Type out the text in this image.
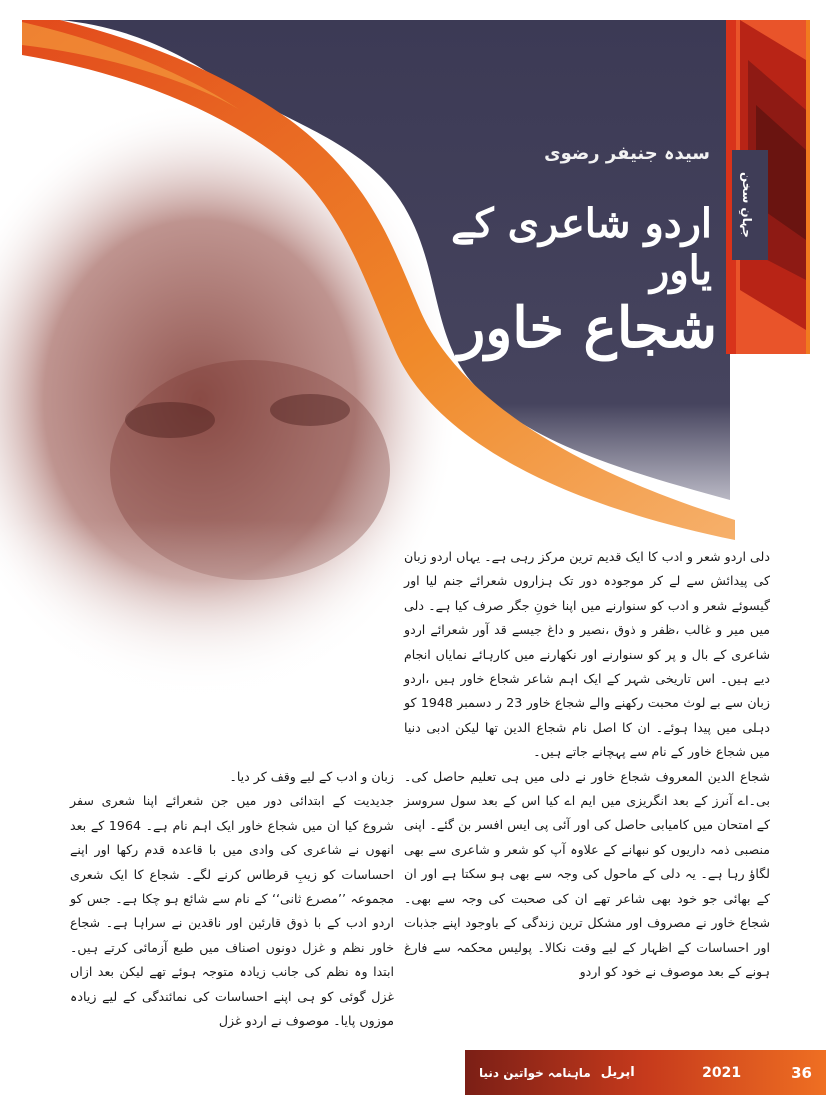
جہانِ سخن
سیدہ جنیفر رضوی
اردو شاعری کے یاور
شجاع خاور

دلی اردو شعر و ادب کا ایک قدیم ترین مرکز رہی ہے۔ یہاں اردو زبان کی پیدائش سے لے کر موجودہ دور تک ہزاروں شعرائے جنم لیا اور گیسوئے شعر و ادب کو سنوارنے میں اپنا خونِ جگر صرف کیا ہے۔ دلی میں میر و غالب ،ظفر و ذوق ،نصیر و داغ جیسے قد آور شعرائے اردو شاعری کے بال و پر کو سنوارنے اور نکھارنے میں کارہائے نمایاں انجام دیے ہیں۔ اس تاریخی شہر کے ایک اہم شاعر شجاع خاور ہیں ،اردو زبان سے بے لوث محبت رکھنے والے شجاع خاور 23 ر دسمبر 1948 کو دہلی میں پیدا ہوئے۔ ان کا اصل نام شجاع الدین تھا لیکن ادبی دنیا میں شجاع خاور کے نام سے پہچانے جاتے ہیں۔

شجاع الدین المعروف شجاع خاور نے دلی میں ہی تعلیم حاصل کی۔ بی۔اے آنرز کے بعد انگریزی میں ایم اے کیا اس کے بعد سول سروسز کے امتحان میں کامیابی حاصل کی اور آئی پی ایس افسر بن گئے۔ اپنی منصبی ذمہ داریوں کو نبھانے کے علاوہ آپ کو شعر و شاعری سے بھی لگاؤ رہا ہے۔ یہ دلی کے ماحول کی وجہ سے بھی ہو سکتا ہے اور ان کے بھائی جو خود بھی شاعر تھے ان کی صحبت کی وجہ سے بھی۔ شجاع خاور نے مصروف اور مشکل ترین زندگی کے باوجود اپنے جذبات اور احساسات کے اظہار کے لیے وقت نکالا۔ پولیس محکمہ سے فارغ ہونے کے بعد موصوف نے خود کو اردو

زبان و ادب کے لیے وقف کر دیا۔

جدیدیت کے ابتدائی دور میں جن شعرائے اپنا شعری سفر شروع کیا ان میں شجاع خاور ایک اہم نام ہے۔ 1964 کے بعد انھوں نے شاعری کی وادی میں با قاعدہ قدم رکھا اور اپنے احساسات کو زیبِ قرطاس کرنے لگے۔ شجاع کا ایک شعری مجموعہ ’’مصرع ثانی‘‘ کے نام سے شائع ہو چکا ہے۔ جس کو اردو ادب کے با ذوق قارئین اور ناقدین نے سراہا ہے۔ شجاع خاور نظم و غزل دونوں اصناف میں طبع آزمائی کرتے ہیں۔ ابتدا وہ نظم کی جانب زیادہ متوجہ ہوئے تھے لیکن بعد ازاں غزل گوئی کو ہی اپنے احساسات کی نمائندگی کے لیے زیادہ موزوں پایا۔ موصوف نے اردو غزل

ماہنامہ خواتین دنیا اپریل	2021	36
